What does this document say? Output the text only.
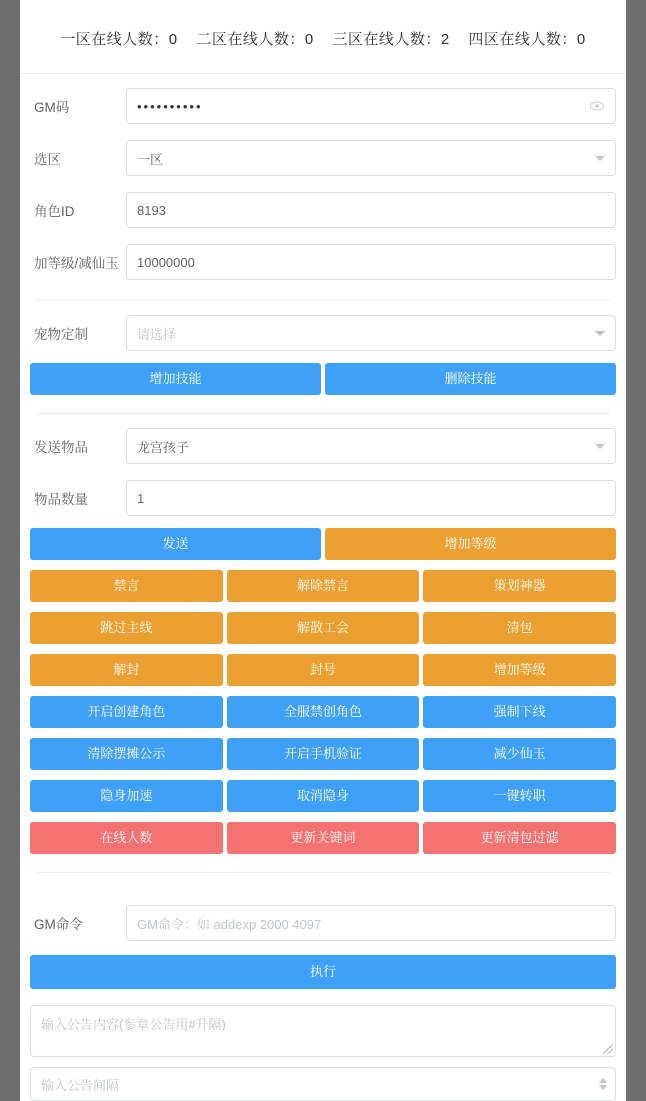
一区在线人数：0 二区在线人数：0 三区在线人数：2 四区在线人数：0
GM码	••••••••••
选区	一区
角色ID	8193
加等级/减仙玉	10000000
宠物定制	请选择
增加技能	删除技能
发送物品	龙宫孩子
物品数量	1
发送	增加等级
禁言	解除禁言	策划神器
跳过主线	解散工会	清包
解封	封号	增加等级
开启创建角色	全服禁创角色	强制下线
清除摆摊公示	开启手机验证	减少仙玉
隐身加速	取消隐身	一键转职
在线人数	更新关键词	更新清包过滤
GM命令	GM命令：如 addexp 2000 4097
执行
输入公告内容(参章公告用#升隔)
输入公告间隔
